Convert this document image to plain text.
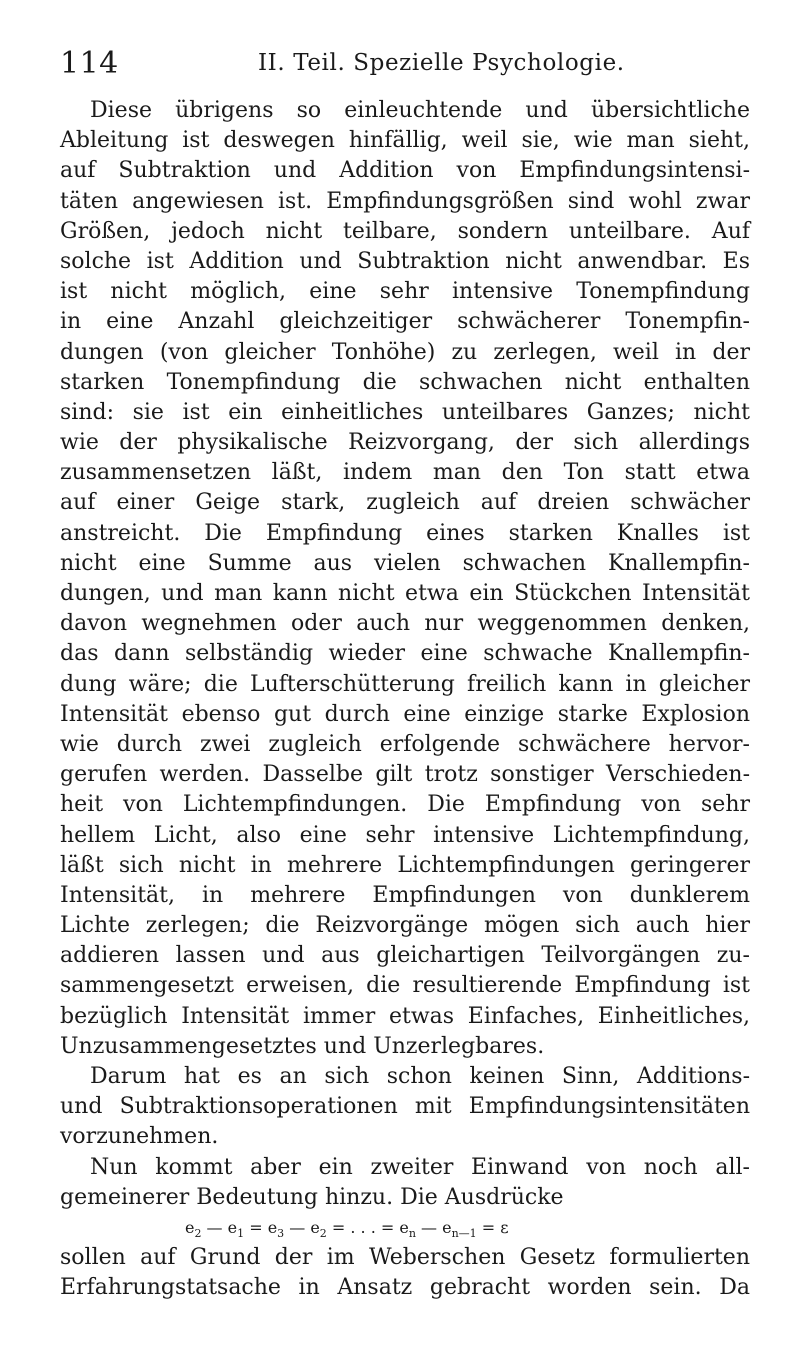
114	II. Teil. Spezielle Psychologie.
Diese übrigens so einleuchtende und übersichtliche
Ableitung ist deswegen hinfällig, weil sie, wie man sieht,
auf Subtraktion und Addition von Empfindungsintensi-
täten angewiesen ist. Empfindungsgrößen sind wohl zwar
Größen, jedoch nicht teilbare, sondern unteilbare. Auf
solche ist Addition und Subtraktion nicht anwendbar. Es
ist nicht möglich, eine sehr intensive Tonempfindung
in eine Anzahl gleichzeitiger schwächerer Tonempfin-
dungen (von gleicher Tonhöhe) zu zerlegen, weil in der
starken Tonempfindung die schwachen nicht enthalten
sind: sie ist ein einheitliches unteilbares Ganzes; nicht
wie der physikalische Reizvorgang, der sich allerdings
zusammensetzen läßt, indem man den Ton statt etwa
auf einer Geige stark, zugleich auf dreien schwächer
anstreicht. Die Empfindung eines starken Knalles ist
nicht eine Summe aus vielen schwachen Knallempfin-
dungen, und man kann nicht etwa ein Stückchen Intensität
davon wegnehmen oder auch nur weggenommen denken,
das dann selbständig wieder eine schwache Knallempfin-
dung wäre; die Lufterschütterung freilich kann in gleicher
Intensität ebenso gut durch eine einzige starke Explosion
wie durch zwei zugleich erfolgende schwächere hervor-
gerufen werden. Dasselbe gilt trotz sonstiger Verschieden-
heit von Lichtempfindungen. Die Empfindung von sehr
hellem Licht, also eine sehr intensive Lichtempfindung,
läßt sich nicht in mehrere Lichtempfindungen geringerer
Intensität, in mehrere Empfindungen von dunklerem
Lichte zerlegen; die Reizvorgänge mögen sich auch hier
addieren lassen und aus gleichartigen Teilvorgängen zu-
sammengesetzt erweisen, die resultierende Empfindung ist
bezüglich Intensität immer etwas Einfaches, Einheitliches,
Unzusammengesetztes und Unzerlegbares.
Darum hat es an sich schon keinen Sinn, Additions-
und Subtraktionsoperationen mit Empfindungsintensitäten
vorzunehmen.
Nun kommt aber ein zweiter Einwand von noch all-
gemeinerer Bedeutung hinzu. Die Ausdrücke
$e_2$ — $e_1 = e_3$ — $e_2$ = . . . = $e_n$ — $e_{n—1} = \varepsilon$
sollen auf Grund der im Weberschen Gesetz formulierten
Erfahrungstatsache in Ansatz gebracht worden sein. Da
